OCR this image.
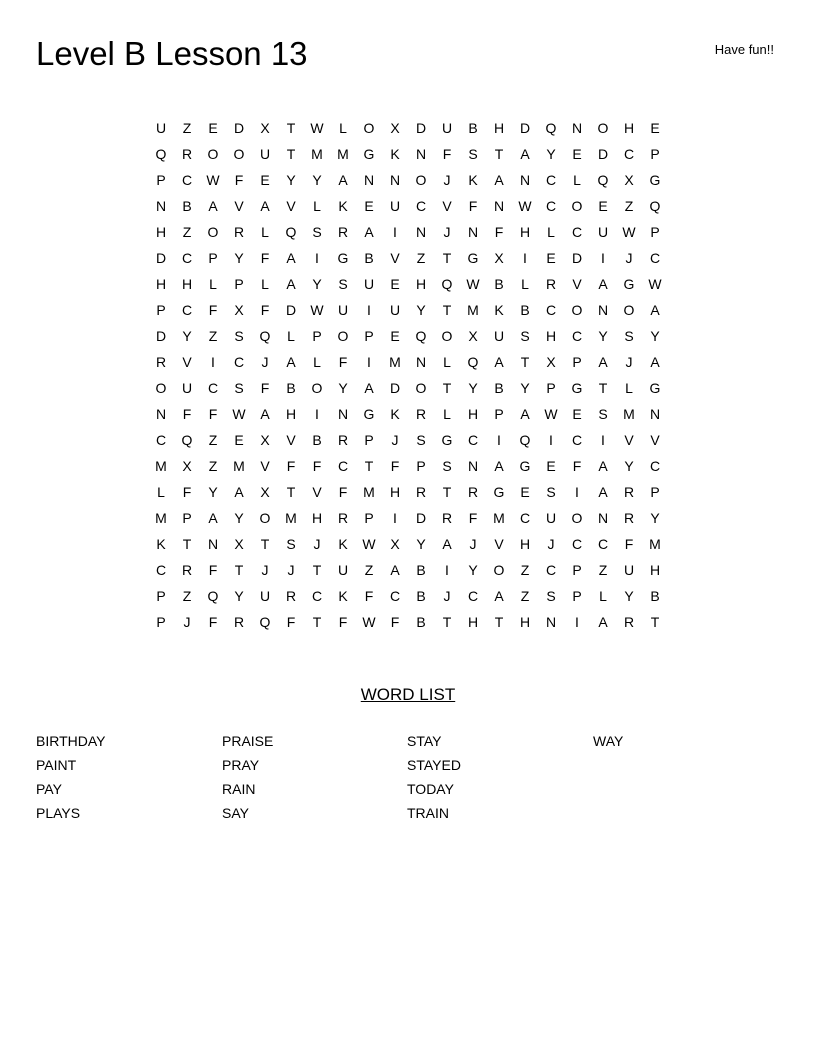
Level B Lesson 13	Have fun!!
U	Z	E	D	X	T	W	L	O	X	D	U	B	H	D	Q	N	O	H	E
Q	R	O	O	U	T	M	M	G	K	N	F	S	T	A	Y	E	D	C	P
P	C	W	F	E	Y	Y	A	N	N	O	J	K	A	N	C	L	Q	X	G
N	B	A	V	A	V	L	K	E	U	C	V	F	N	W	C	O	E	Z	Q
H	Z	O	R	L	Q	S	R	A	I	N	J	N	F	H	L	C	U	W	P
D	C	P	Y	F	A	I	G	B	V	Z	T	G	X	I	E	D	I	J	C
H	H	L	P	L	A	Y	S	U	E	H	Q W	B	L	R	V	A	G W
P	C	F	X	F	D	W	U	I	U	Y	T	M	K	B	C	O	N	O	A
D	Y	Z	S	Q	L	P	O	P	E	Q	O	X	U	S	H	C	Y	S	Y
R	V	I	C	J	A	L	F	I	M	N	L	Q	A	T	X	P	A	J	A
O	U	C	S	F	B	O	Y	A	D	O	T	Y	B	Y	P	G	T	L	G
N	F	F	W	A	H	I	N	G	K	R	L	H	P	A	W	E	S	M	N
C	Q	Z	E	X	V	B	R	P	J	S	G	C	I	Q	I	C	I	V	V
M	X	Z	M	V	F	F	C	T	F	P	S	N	A	G	E	F	A	Y	C
L	F	Y	A	X	T	V	F	M	H	R	T	R	G	E	S	I	A	R	P
M	P	A	Y	O	M	H	R	P	I	D	R	F	M	C	U	O	N	R	Y
K	T	N	X	T	S	J	K	W	X	Y	A	J	V	H	J	C	C	F	M
C	R	F	T	J	J	T	U	Z	A	B	I	Y	O	Z	C	P	Z	U	H
P	Z	Q	Y	U	R	C	K	F	C	B	J	C	A	Z	S	P	L	Y	B
P	J	F	R	Q	F	T	F	W	F	B	T	H	T	H	N	I	A	R	T
WORD LIST
BIRTHDAY
PAINT
PAY
PLAYS
PRAISE
PRAY
RAIN
SAY
STAY
STAYED
TODAY
TRAIN
WAY
